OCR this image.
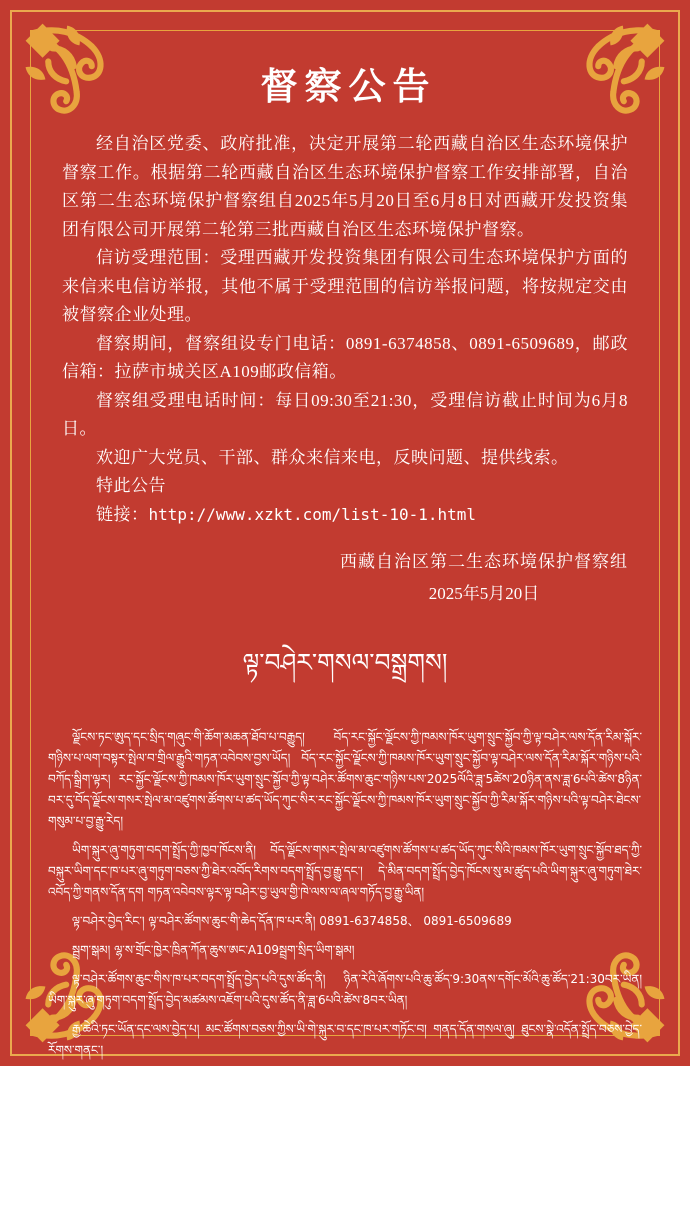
督察公告

经自治区党委、政府批准，决定开展第二轮西藏自治区生态环境保护督察工作。根据第二轮西藏自治区生态环境保护督察工作安排部署，自治区第二生态环境保护督察组自2025年5月20日至6月8日对西藏开发投资集团有限公司开展第二轮第三批西藏自治区生态环境保护督察。

信访受理范围：受理西藏开发投资集团有限公司生态环境保护方面的来信来电信访举报，其他不属于受理范围的信访举报问题，将按规定交由被督察企业处理。

督察期间，督察组设专门电话：0891-6374858、0891-6509689，邮政信箱：拉萨市城关区A109邮政信箱。

督察组受理电话时间：每日09:30至21:30，受理信访截止时间为6月8日。

欢迎广大党员、干部、群众来信来电，反映问题、提供线索。

特此公告

链接：http://www.xzkt.com/list-10-1.html

西藏自治区第二生态环境保护督察组
2025年5月20日
ལྟ་བཤེར་གསལ་བསྒྲགས།

ལྗོངས་ཏང་ཨུད་དང་སྲིད་གཞུང་གི་ཆོག་མཆན་ཐོབ་པ་བརྒྱུད། བོད་རང་སྐྱོང་ལྗོངས་ཀྱི་ཁམས་ཁོར་ཡུག་སྲུང་སྐྱོབ་ཀྱི་ལྟ་བཤེར་ལས་དོན་རིམ་སྐོར་གཉིས་པ་ལག་བསྟར་སྤེལ་བ་གྲིལ་རྒྱུའི་གཏན་འབེབས་བྱས་ཡོད། བོད་རང་སྐྱོང་ལྗོངས་ཀྱི་ཁམས་ཁོར་ཡུག་སྲུང་སྐྱོབ་ལྟ་བཤེར་ལས་དོན་རིམ་སྐོར་གཉིས་པའི་བཀོད་སྒྲིག་ལྟར། རང་སྐྱོང་ལྗོངས་ཀྱི་ཁམས་ཁོར་ཡུག་སྲུང་སྐྱོབ་ཀྱི་ལྟ་བཤེར་ཚོགས་ཆུང་གཉིས་པས་2025ལོའི་ཟླ་5ཚེས་20ཉིན་ནས་ཟླ་6པའི་ཚེས་8ཉིན་བར་དུ་བོད་ལྗོངས་གསར་སྤེལ་མ་འཛུགས་ཚོགས་པ་ཚད་ཡོད་ཀུང་སིར་རང་སྐྱོང་ལྗོངས་ཀྱི་ཁམས་ཁོར་ཡུག་སྲུང་སྐྱོབ་ཀྱི་རིམ་སྐོར་གཉིས་པའི་ལྟ་བཤེར་ཐེངས་གསུམ་པ་བྱ་རྒྱུ་རེད།

ཡིག་སྐུར་ཞུ་གཏུག་བདག་སྤྲོད་ཀྱི་ཁྱབ་ཁོངས་ནི། བོད་ལྗོངས་གསར་སྤེལ་མ་འཛུགས་ཚོགས་པ་ཚད་ཡོད་ཀུང་སིའི་ཁམས་ཁོར་ཡུག་སྲུང་སྐྱོབ་ཐད་ཀྱི་བསྐུར་ཡིག་དང་ཁ་པར་ཞུ་གཏུག་བཅས་ཀྱི་ཐེར་འབོད་རིགས་བདག་སྤྲོད་བྱ་རྒྱུ་དང་། དེ་མིན་བདག་སྤྲོད་བྱེད་ཁོངས་སུ་མ་ཚུད་པའི་ཡིག་སྐུར་ཞུ་གཏུག་ཐེར་འབོད་ཀྱི་གནས་དོན་དག གཏན་འབེབས་ལྟར་ལྟ་བཤེར་བྱ་ཡུལ་གྱི་ཁེ་ལས་ལ་ཞལ་གཏོད་བྱ་རྒྱུ་ཡིན།

ལྟ་བཤེར་བྱེད་རིང་། ལྟ་བཤེར་ཚོགས་ཆུང་གི་ཆེད་དོན་ཁ་པར་ནི། 0891-6374858、 0891-6509689

སྦྲག་སྒམ། ལྷ་ས་གྲོང་ཁྱེར་ཁྲིན་ཀོན་ཆུས་ཨང་A109སྦྲག་སྲིད་ཡིག་སྒམ།

ལྟ་བཤེར་ཚོགས་ཆུང་གིས་ཁ་པར་བདག་སྤྲོད་བྱེད་པའི་དུས་ཚོད་ནི། ཉིན་རེའི་ཞོགས་པའི་ཆུ་ཚོད་9:30ནས་དགོང་མོའི་ཆུ་ཚོད་21:30བར་ཡིན། ཡིག་སྐུར་ཞུ་གཏུག་བདག་སྤྲོད་བྱེད་མཚམས་འཇོག་པའི་དུས་ཚོད་ནི་ཟླ་6པའི་ཚེས་8བར་ཡིན།

རྒྱ་ཆེའི་ཏང་ཡོན་དང་ལས་བྱེད་པ། མང་ཚོགས་བཅས་ཀྱིས་ཡི་གེ་སྐུར་བ་དང་ཁ་པར་གཏོང་བ། གནད་དོན་གསལ་ཞུ། ཐུངས་སྣེ་འདོན་སྤྲོད་བཅས་བྱེད་རོགས་གནང་།

དེ་དོན་ཆེད་དུ་ཁྱབ་བསྒྲགས་སྤེལ་རྒྱ།

དྲ་གནས་སྤེལ་མཐུད། http://www.xzkt.com/list-10-1.html

རང་སྐྱོང་ལྗོངས་ཀྱི་ཁམས་ཁོར་ཡུག་སྲུང་སྐྱོབ་ལྟ་བཤེར་ཚོགས་ཆུང་གཉིས་པ་ནས།
2025ལོའི་ཟླ་5ཚེས་20ལ།
